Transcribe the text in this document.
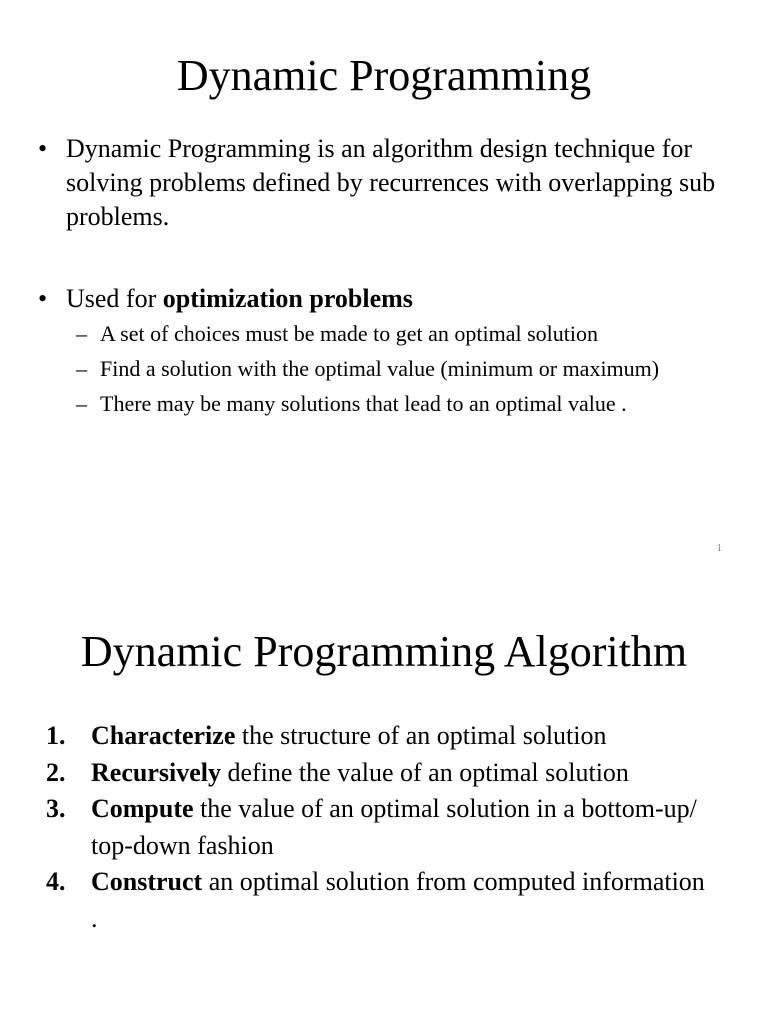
Dynamic Programming
• Dynamic Programming is an algorithm design technique for solving problems defined by recurrences with overlapping sub problems.
• Used for optimization problems
– A set of choices must be made to get an optimal solution
– Find a solution with the optimal value (minimum or maximum)
– There may be many solutions that lead to an optimal value .
1
Dynamic Programming Algorithm
1. Characterize the structure of an optimal solution
2. Recursively define the value of an optimal solution
3. Compute the value of an optimal solution in a bottom-up/ top-down fashion
4. Construct an optimal solution from computed information .
